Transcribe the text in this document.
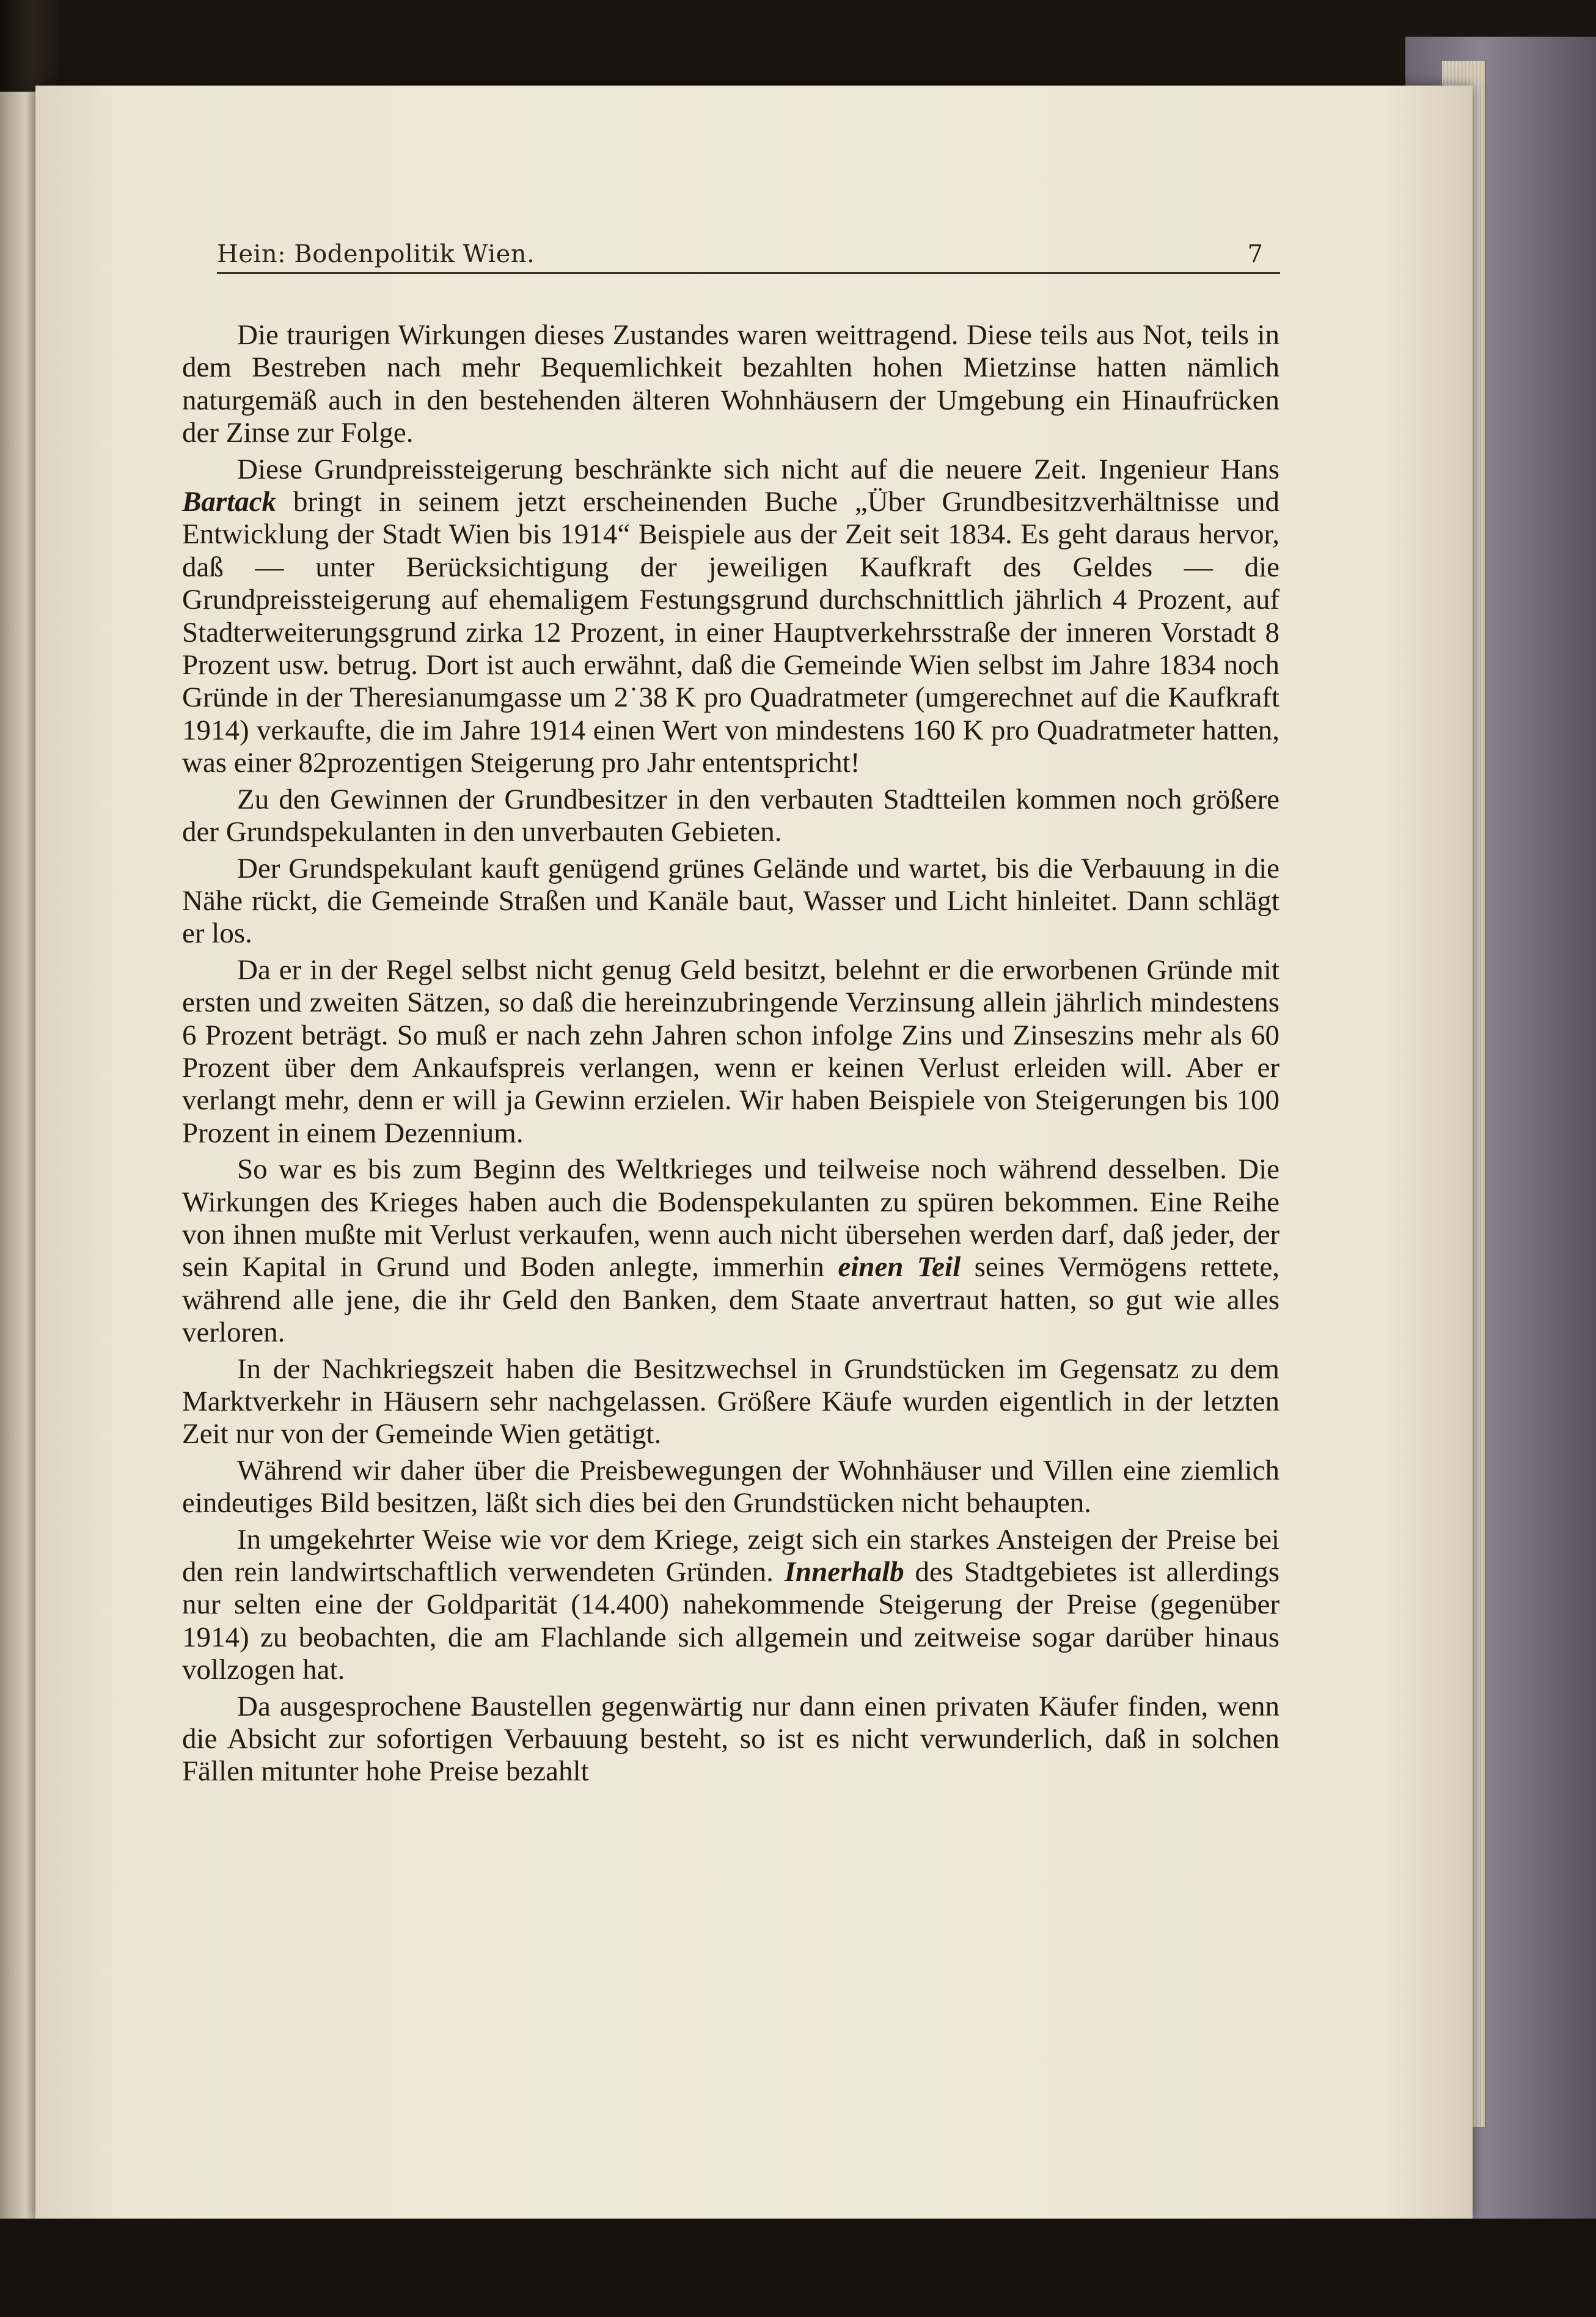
Hein: Bodenpolitik Wien.	7

Die traurigen Wirkungen dieses Zustandes waren weittragend. Diese teils aus Not, teils in dem Bestreben nach mehr Bequemlichkeit bezahlten hohen Mietzinse hatten nämlich naturgemäß auch in den bestehenden älteren Wohnhäusern der Umgebung ein Hinaufrücken der Zinse zur Folge.

Diese Grundpreissteigerung beschränkte sich nicht auf die neuere Zeit. Ingenieur Hans Bartack bringt in seinem jetzt erscheinenden Buche „Über Grundbesitzverhältnisse und Entwicklung der Stadt Wien bis 1914“ Beispiele aus der Zeit seit 1834. Es geht daraus hervor, daß — unter Berücksichtigung der jeweiligen Kaufkraft des Geldes — die Grundpreissteigerung auf ehemaligem Festungsgrund durchschnittlich jährlich 4 Prozent, auf Stadterweiterungsgrund zirka 12 Prozent, in einer Hauptverkehrsstraße der inneren Vorstadt 8 Prozent usw. betrug. Dort ist auch erwähnt, daß die Gemeinde Wien selbst im Jahre 1834 noch Gründe in der Theresianumgasse um 2˙38 K pro Quadratmeter (umgerechnet auf die Kaufkraft 1914) verkaufte, die im Jahre 1914 einen Wert von mindestens 160 K pro Quadratmeter hatten, was einer 82prozentigen Steigerung pro Jahr ententspricht!

Zu den Gewinnen der Grundbesitzer in den verbauten Stadtteilen kommen noch größere der Grundspekulanten in den unverbauten Gebieten.

Der Grundspekulant kauft genügend grünes Gelände und wartet, bis die Verbauung in die Nähe rückt, die Gemeinde Straßen und Kanäle baut, Wasser und Licht hinleitet. Dann schlägt er los.

Da er in der Regel selbst nicht genug Geld besitzt, belehnt er die erworbenen Gründe mit ersten und zweiten Sätzen, so daß die hereinzubringende Verzinsung allein jährlich mindestens 6 Prozent beträgt. So muß er nach zehn Jahren schon infolge Zins und Zinseszins mehr als 60 Prozent über dem Ankaufspreis verlangen, wenn er keinen Verlust erleiden will. Aber er verlangt mehr, denn er will ja Gewinn erzielen. Wir haben Beispiele von Steigerungen bis 100 Prozent in einem Dezennium.

So war es bis zum Beginn des Weltkrieges und teilweise noch während desselben. Die Wirkungen des Krieges haben auch die Bodenspekulanten zu spüren bekommen. Eine Reihe von ihnen mußte mit Verlust verkaufen, wenn auch nicht übersehen werden darf, daß jeder, der sein Kapital in Grund und Boden anlegte, immerhin einen Teil seines Vermögens rettete, während alle jene, die ihr Geld den Banken, dem Staate anvertraut hatten, so gut wie alles verloren.

In der Nachkriegszeit haben die Besitzwechsel in Grundstücken im Gegensatz zu dem Marktverkehr in Häusern sehr nachgelassen. Größere Käufe wurden eigentlich in der letzten Zeit nur von der Gemeinde Wien getätigt.

Während wir daher über die Preisbewegungen der Wohnhäuser und Villen eine ziemlich eindeutiges Bild besitzen, läßt sich dies bei den Grundstücken nicht behaupten.

In umgekehrter Weise wie vor dem Kriege, zeigt sich ein starkes Ansteigen der Preise bei den rein landwirtschaftlich verwendeten Gründen. Innerhalb des Stadtgebietes ist allerdings nur selten eine der Goldparität (14.400) nahekommende Steigerung der Preise (gegenüber 1914) zu beobachten, die am Flachlande sich allgemein und zeitweise sogar darüber hinaus vollzogen hat.

Da ausgesprochene Baustellen gegenwärtig nur dann einen privaten Käufer finden, wenn die Absicht zur sofortigen Verbauung besteht, so ist es nicht verwunderlich, daß in solchen Fällen mitunter hohe Preise bezahlt
